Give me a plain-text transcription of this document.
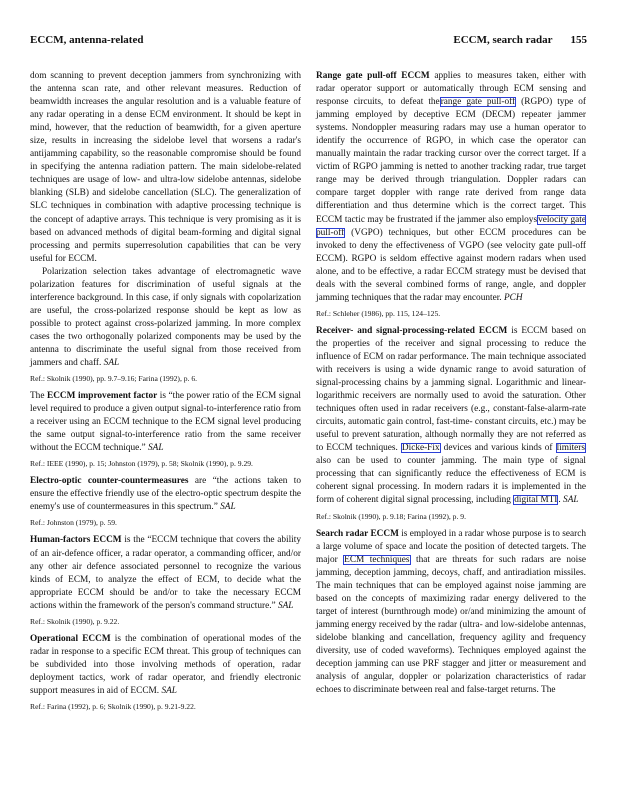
ECCM, antenna-related	ECCM, search radar 155

dom scanning to prevent deception jammers from synchronizing with the antenna scan rate, and other relevant measures. Reduction of beamwidth increases the angular resolution and is a valuable feature of any radar operating in a dense ECM environment. It should be kept in mind, however, that the reduction of beamwidth, for a given aperture size, results in increasing the sidelobe level that worsens a radar's antijamming capability, so the reasonable compromise should be found in specifying the antenna radiation pattern. The main sidelobe-related techniques are usage of low- and ultra-low sidelobe antennas, sidelobe blanking (SLB) and sidelobe cancellation (SLC). The generalization of SLC techniques in combination with adaptive processing technique is the concept of adaptive arrays. This technique is very promising as it is based on advanced methods of digital beam-forming and digital signal processing and permits superresolution capabilities that can be very useful for ECCM.

Polarization selection takes advantage of electromagnetic wave polarization features for discrimination of useful signals at the interference background. In this case, if only signals with copolarization are useful, the cross-polarized response should be kept as low as possible to protect against cross-polarized jamming. In more complex cases the two orthogonally polarized components may be used by the antenna to discriminate the useful signal from those received from jammers and chaff. SAL

Ref.: Skolnik (1990), pp. 9.7–9.16; Farina (1992), p. 6.

The ECCM improvement factor is “the power ratio of the ECM signal level required to produce a given output signal-to-interference ratio from a receiver using an ECCM technique to the ECM signal level producing the same output signal-to-interference ratio from the same receiver without the ECCM technique.” SAL

Ref.: IEEE (1990), p. 15; Johnston (1979), p. 58; Skolnik (1990), p. 9.29.

Electro-optic counter-countermeasures are “the actions taken to ensure the effective friendly use of the electro-optic spectrum despite the enemy's use of countermeasures in this spectrum.” SAL

Ref.: Johnston (1979), p. 59.

Human-factors ECCM is the “ECCM technique that covers the ability of an air-defence officer, a radar operator, a commanding officer, and/or any other air defence associated personnel to recognize the various kinds of ECM, to analyze the effect of ECM, to decide what the appropriate ECCM should be and/or to take the necessary ECCM actions within the framework of the person's command structure.” SAL

Ref.: Skolnik (1990), p. 9.22.

Operational ECCM is the combination of operational modes of the radar in response to a specific ECM threat. This group of techniques can be subdivided into those involving methods of operation, radar deployment tactics, work of radar operator, and friendly electronic support measures in aid of ECCM. SAL

Ref.: Farina (1992), p. 6; Skolnik (1990), p. 9.21-9.22.

Range gate pull-off ECCM applies to measures taken, either with radar operator support or automatically through ECM sensing and response circuits, to defeat therange gate pull-off (RGPO) type of jamming employed by deceptive ECM (DECM) repeater jammer systems. Nondoppler measuring radars may use a human operator to identify the occurrence of RGPO, in which case the operator can manually maintain the radar tracking cursor over the correct target. If a victim of RGPO jamming is netted to another tracking radar, true target range may be derived through triangulation. Doppler radars can compare target doppler with range rate derived from range data differentiation and thus determine which is the correct target. This ECCM tactic may be frustrated if the jammer also employsvelocity gate pull-off (VGPO) techniques, but other ECCM procedures can be invoked to deny the effectiveness of VGPO (see velocity gate pull-off ECCM). RGPO is seldom effective against modern radars when used alone, and to be effective, a radar ECCM strategy must be devised that deals with the several combined forms of range, angle, and doppler jamming techniques that the radar may encounter. PCH

Ref.: Schleher (1986), pp. 115, 124–125.

Receiver- and signal-processing-related ECCM is ECCM based on the properties of the receiver and signal processing to reduce the influence of ECM on radar performance. The main technique associated with receivers is using a wide dynamic range to avoid saturation of signal-processing chains by a jamming signal. Logarithmic and linear-logarithmic receivers are normally used to avoid the saturation. Other techniques often used in radar receivers (e.g., constant-false-alarm-rate circuits, automatic gain control, fast-time- constant circuits, etc.) may be useful to prevent saturation, although normally they are not referred as to ECCM techniques. Dicke-Fix devices and various kinds of limiters also can be used to counter jamming. The main type of signal processing that can significantly reduce the effectiveness of ECM is coherent signal processing. In modern radars it is implemented in the form of coherent digital signal processing, including digital MTI. SAL

Ref.: Skolnik (1990), p. 9.18; Farina (1992), p. 9.

Search radar ECCM is employed in a radar whose purpose is to search a large volume of space and locate the position of detected targets. The major ECM techniques that are threats for such radars are noise jamming, deception jamming, decoys, chaff, and antiradiation missiles. The main techniques that can be employed against noise jamming are based on the concepts of maximizing radar energy delivered to the target of interest (burnthrough mode) or/and minimizing the amount of jamming energy received by the radar (ultra- and low-sidelobe antennas, sidelobe blanking and cancellation, frequency agility and frequency diversity, use of coded waveforms). Techniques employed against the deception jamming can use PRF stagger and jitter or measurement and analysis of angular, doppler or polarization characteristics of radar echoes to discriminate between real and false-target returns. The
